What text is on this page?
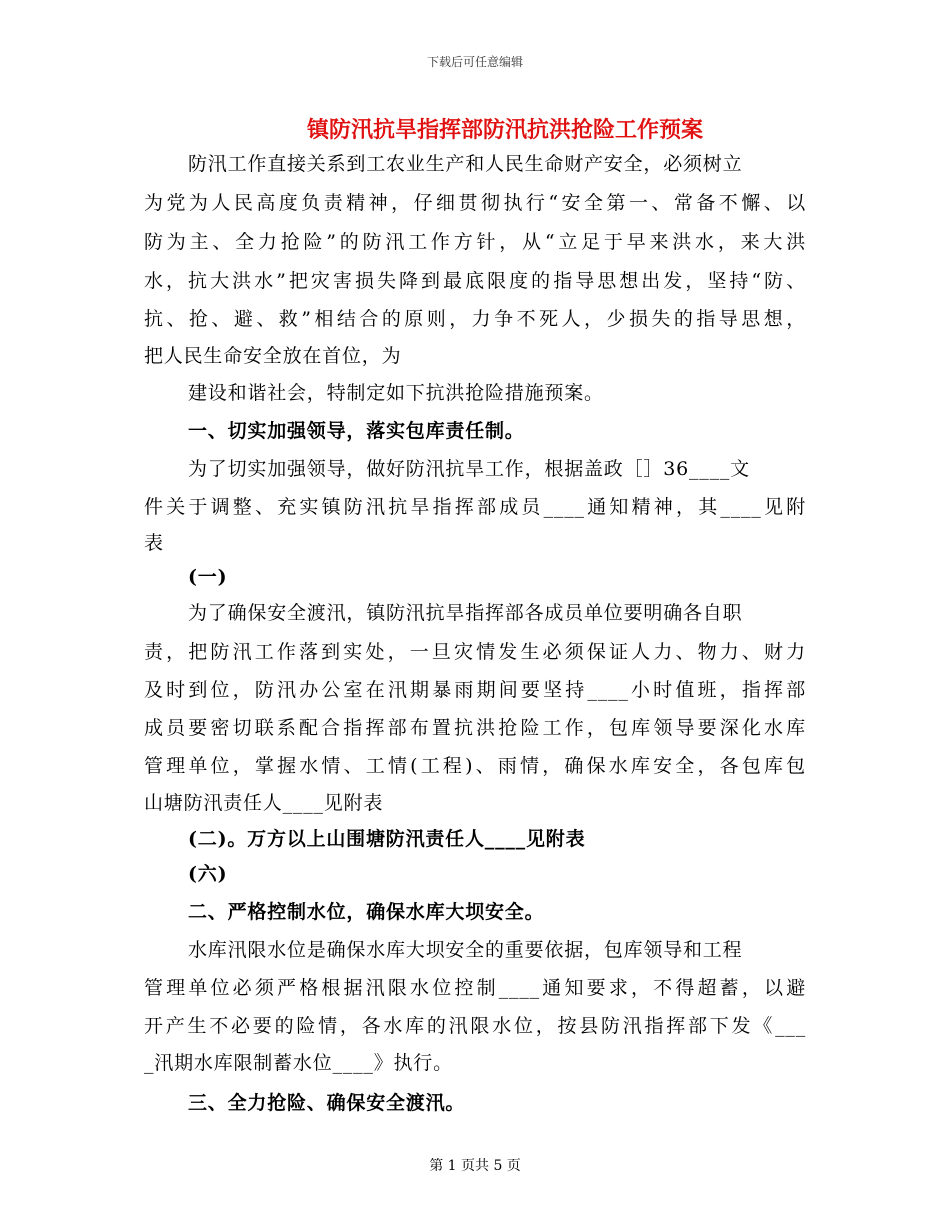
下载后可任意编辑
镇防汛抗旱指挥部防汛抗洪抢险工作预案
防汛工作直接关系到工农业生产和人民生命财产安全，必须树立
为党为人民高度负责精神，仔细贯彻执行“安全第一、常备不懈、以
防为主、全力抢险”的防汛工作方针，从“立足于早来洪水，来大洪
水，抗大洪水”把灾害损失降到最底限度的指导思想出发，坚持“防、
抗、抢、避、救”相结合的原则，力争不死人，少损失的指导思想，
把人民生命安全放在首位，为
建设和谐社会，特制定如下抗洪抢险措施预案。
一、切实加强领导，落实包库责任制。
为了切实加强领导，做好防汛抗旱工作，根据盖政［］36____文
件关于调整、充实镇防汛抗旱指挥部成员____通知精神，其____见附
表
(一)
为了确保安全渡汛，镇防汛抗旱指挥部各成员单位要明确各自职
责，把防汛工作落到实处，一旦灾情发生必须保证人力、物力、财力
及时到位，防汛办公室在汛期暴雨期间要坚持____小时值班，指挥部
成员要密切联系配合指挥部布置抗洪抢险工作，包库领导要深化水库
管理单位，掌握水情、工情(工程)、雨情，确保水库安全，各包库包
山塘防汛责任人____见附表
(二)。万方以上山围塘防汛责任人____见附表
(六)
二、严格控制水位，确保水库大坝安全。
水库汛限水位是确保水库大坝安全的重要依据，包库领导和工程
管理单位必须严格根据汛限水位控制____通知要求，不得超蓄，以避
开产生不必要的险情，各水库的汛限水位，按县防汛指挥部下发《___
_汛期水库限制蓄水位____》执行。
三、全力抢险、确保安全渡汛。
第 1 页共 5 页
